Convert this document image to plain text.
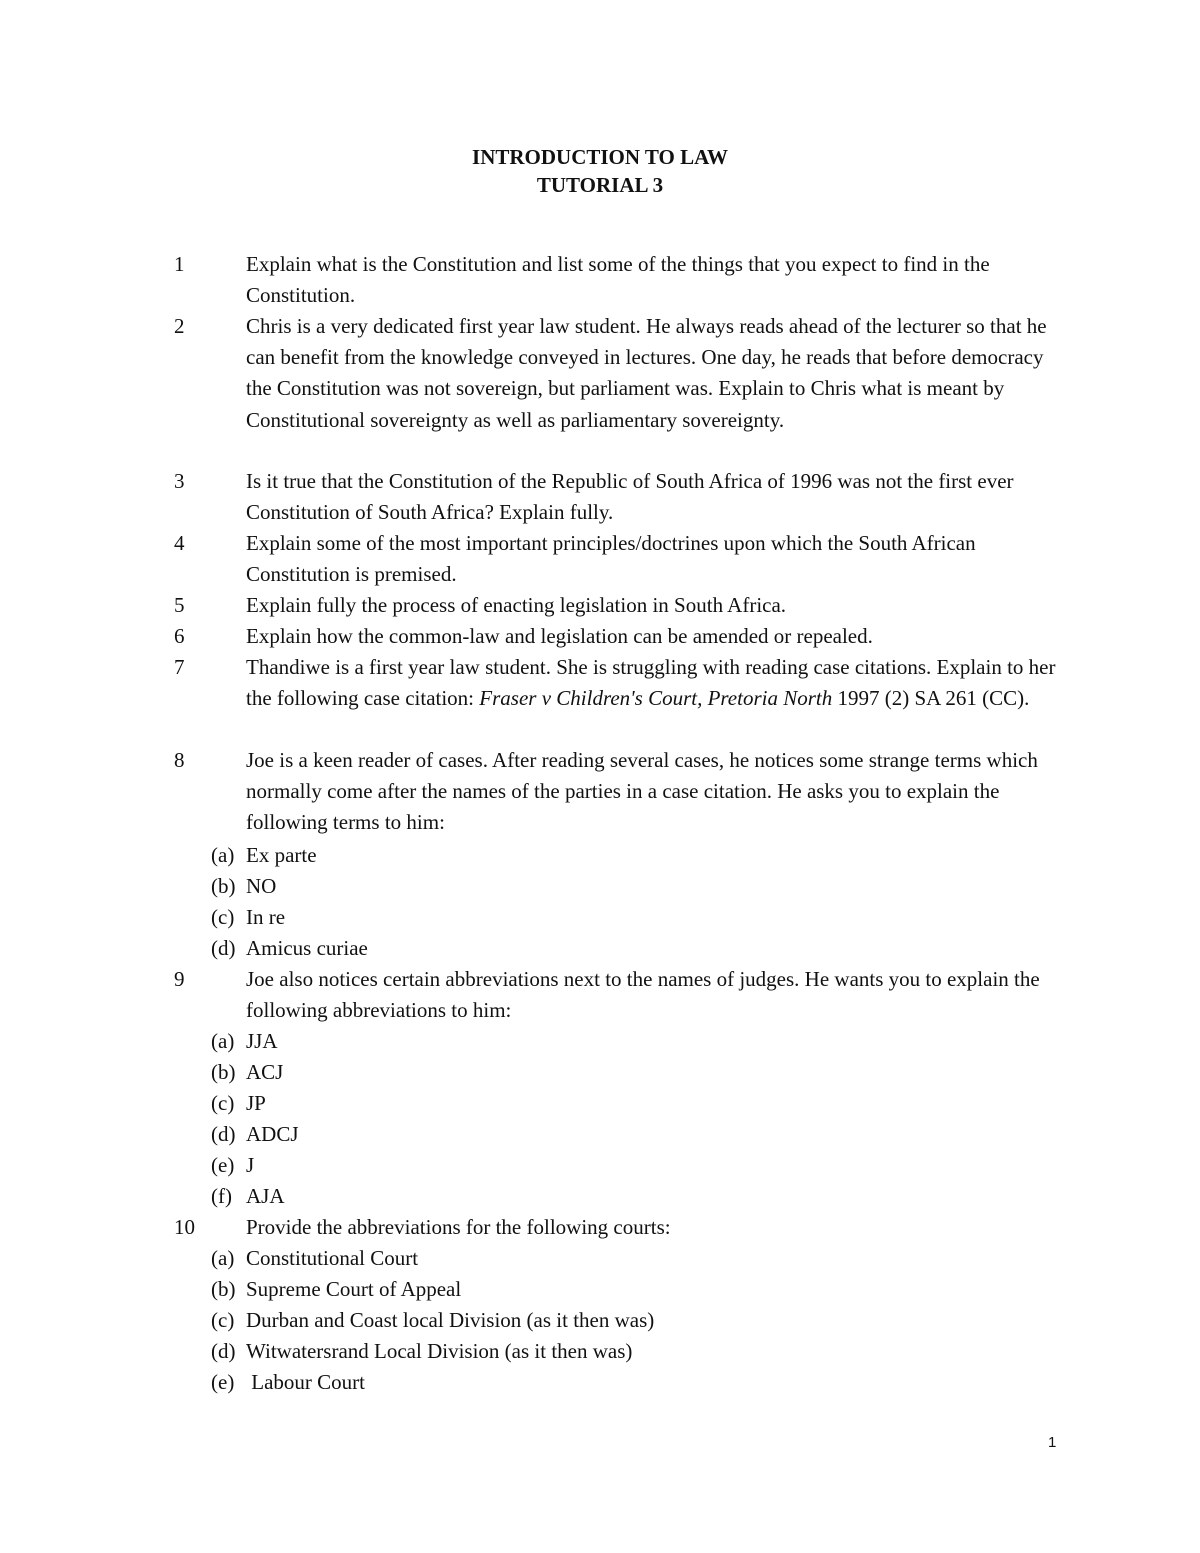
INTRODUCTION TO LAW
TUTORIAL 3
1	Explain what is the Constitution and list some of the things that you expect to find in the Constitution.
2	Chris is a very dedicated first year law student. He always reads ahead of the lecturer so that he can benefit from the knowledge conveyed in lectures. One day, he reads that before democracy the Constitution was not sovereign, but parliament was. Explain to Chris what is meant by Constitutional sovereignty as well as parliamentary sovereignty.
3	Is it true that the Constitution of the Republic of South Africa of 1996 was not the first ever Constitution of South Africa? Explain fully.
4	Explain some of the most important principles/doctrines upon which the South African Constitution is premised.
5	Explain fully the process of enacting legislation in South Africa.
6	Explain how the common-law and legislation can be amended or repealed.
7	Thandiwe is a first year law student. She is struggling with reading case citations. Explain to her the following case citation: Fraser v Children's Court, Pretoria North 1997 (2) SA 261 (CC).
8	Joe is a keen reader of cases. After reading several cases, he notices some strange terms which normally come after the names of the parties in a case citation. He asks you to explain the following terms to him:
(a) Ex parte
(b) NO
(c) In re
(d) Amicus curiae
9	Joe also notices certain abbreviations next to the names of judges. He wants you to explain the following abbreviations to him:
(a) JJA
(b) ACJ
(c) JP
(d) ADCJ
(e) J
(f) AJA
10 Provide the abbreviations for the following courts:
(a) Constitutional Court
(b) Supreme Court of Appeal
(c) Durban and Coast local Division (as it then was)
(d) Witwatersrand Local Division (as it then was)
(e) Labour Court
1
